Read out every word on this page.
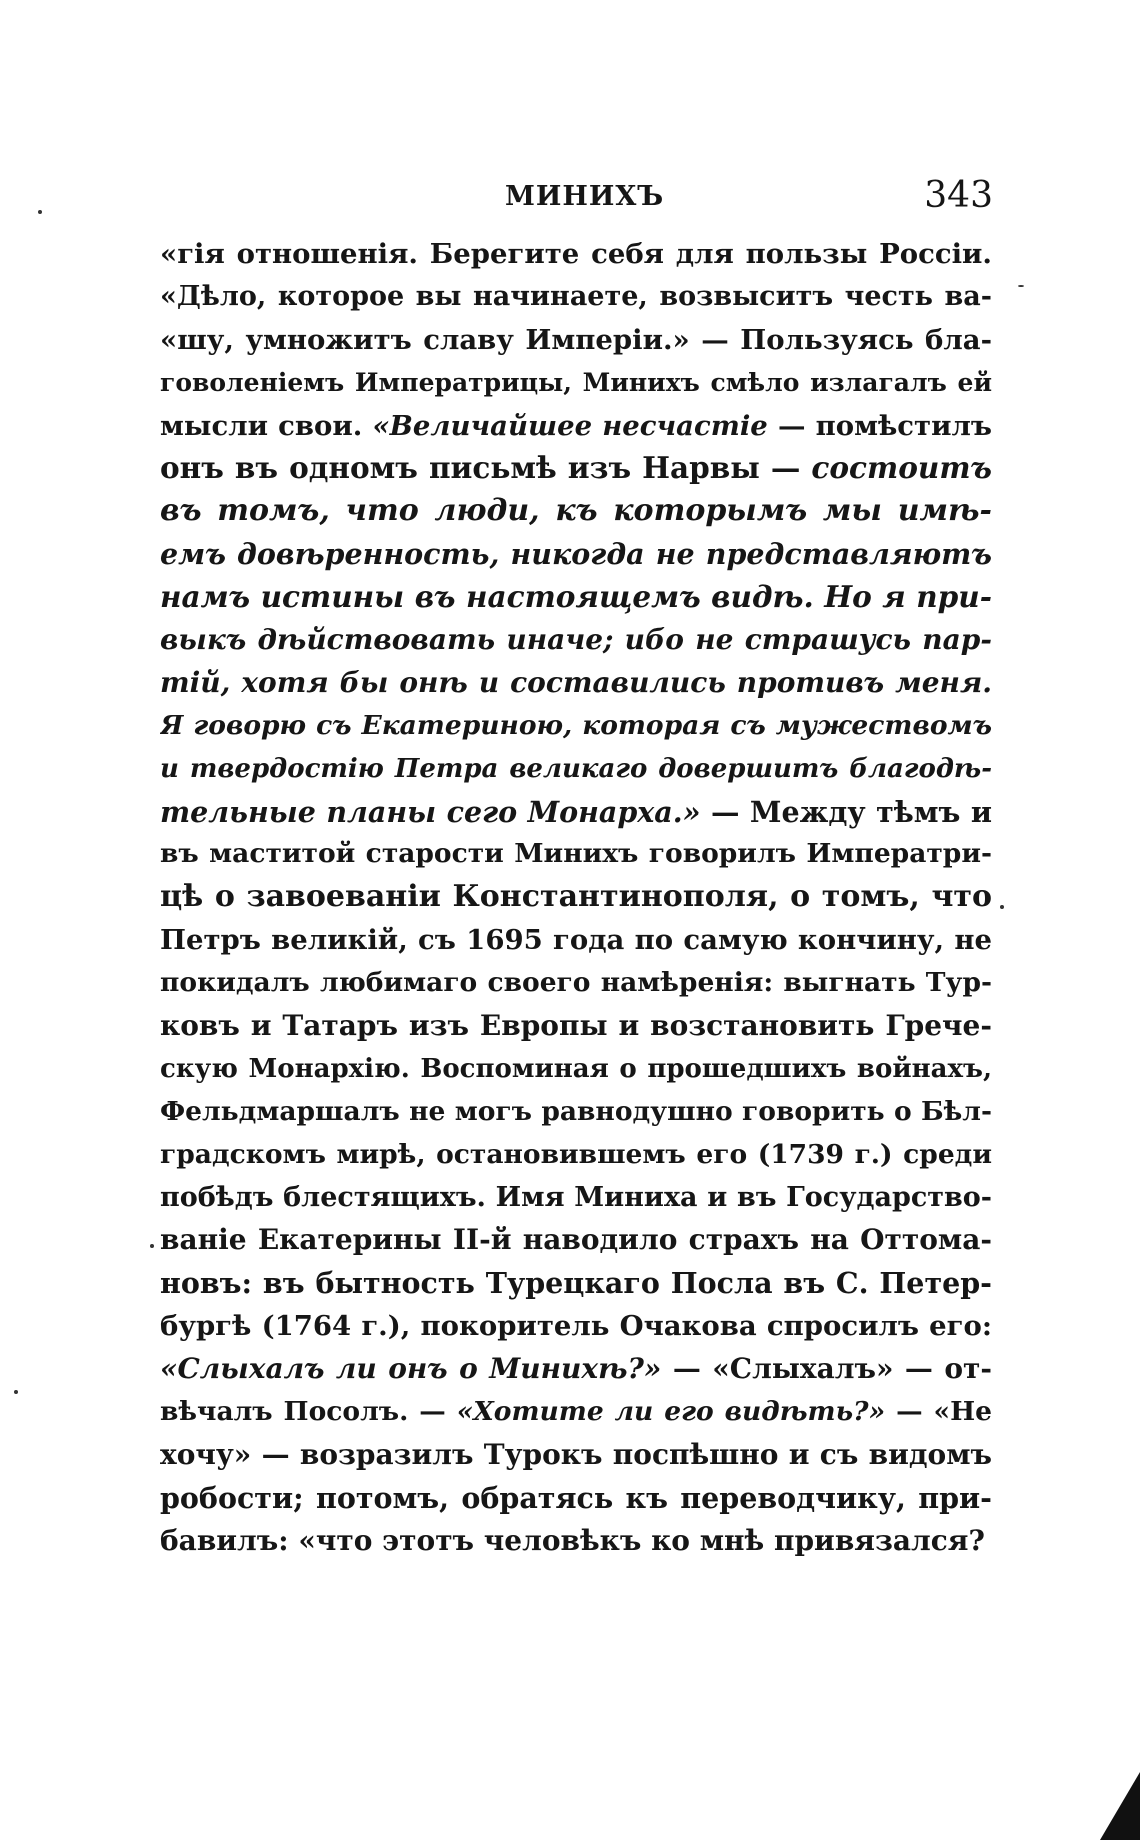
МИНИХЪ	343
«гія отношенія. Берегите себя для пользы Россіи.
«Дѣло, которое вы начинаете, возвыситъ честь ва-
«шу, умножитъ славу Имперіи.» — Пользуясь бла-
говоленіемъ Императрицы, Минихъ смѣло излагалъ ей
мысли свои. «Величайшее несчастіе — помѣстилъ
онъ въ одномъ письмѣ изъ Нарвы — состоитъ
въ томъ, что люди, къ которымъ мы имѣ-
емъ довѣренность, никогда не представляютъ
намъ истины въ настоящемъ видѣ. Но я при-
выкъ дѣйствовать иначе; ибо не страшусь пар-
тій, хотя бы онѣ и составились противъ меня.
Я говорю съ Екатериною, которая съ мужествомъ
и твердостію Петра великаго довершитъ благодѣ-
тельные планы сего Монарха.» — Между тѣмъ и
въ маститой старости Минихъ говорилъ Императри-
цѣ о завоеваніи Константинополя, о томъ, что
Петръ великій, съ 1695 года по самую кончину, не
покидалъ любимаго своего намѣренія: выгнать Тур-
ковъ и Татаръ изъ Европы и возстановить Грече-
скую Монархію. Воспоминая о прошедшихъ войнахъ,
Фельдмаршалъ не могъ равнодушно говорить о Бѣл-
градскомъ мирѣ, остановившемъ его (1739 г.) среди
побѣдъ блестящихъ. Имя Миниха и въ Государство-
ваніе Екатерины II-й наводило страхъ на Оттома-
новъ: въ бытность Турецкаго Посла въ С. Петер-
бургѣ (1764 г.), покоритель Очакова спросилъ его:
«Слыхалъ ли онъ о Минихѣ?» — «Слыхалъ» — от-
вѣчалъ Посолъ. — «Хотите ли его видѣть?» — «Не
хочу» — возразилъ Турокъ поспѣшно и съ видомъ
робости; потомъ, обратясь къ переводчику, при-
бавилъ: «что этотъ человѣкъ ко мнѣ привязался?
